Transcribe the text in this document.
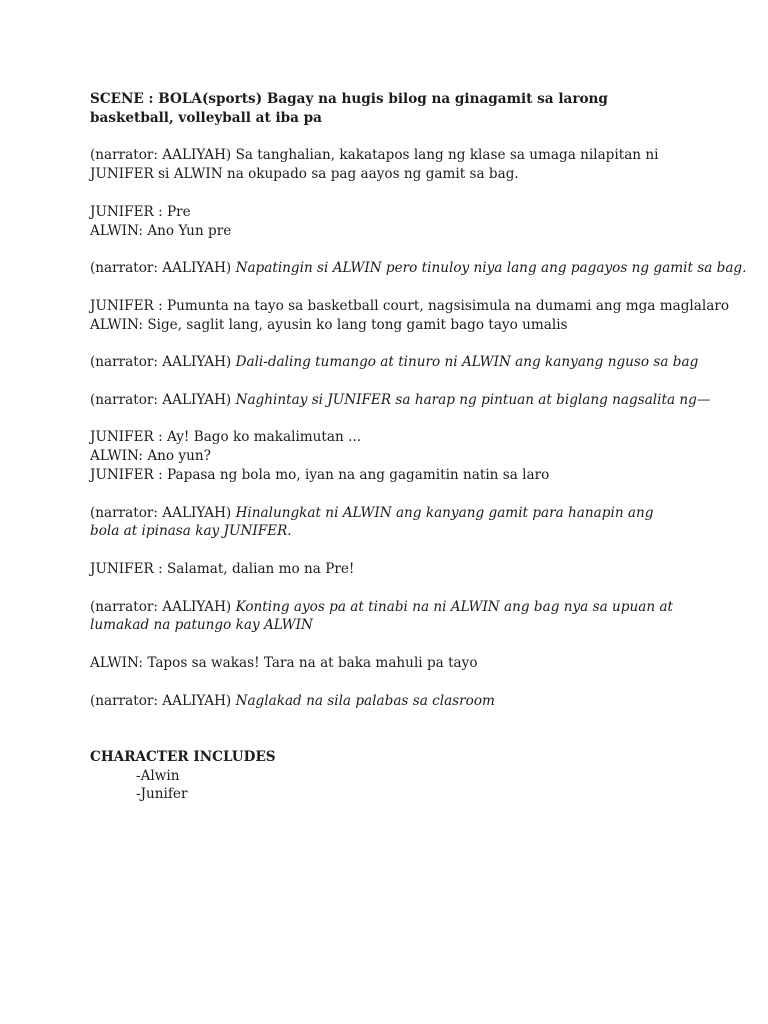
SCENE : BOLA(sports) Bagay na hugis bilog na ginagamit sa larong basketball, volleyball at iba pa
(narrator: AALIYAH) Sa tanghalian, kakatapos lang ng klase sa umaga nilapitan ni JUNIFER si ALWIN na okupado sa pag aayos ng gamit sa bag.
JUNIFER : Pre
ALWIN: Ano Yun pre
(narrator: AALIYAH) Napatingin si ALWIN pero tinuloy niya lang ang pagayos ng gamit sa bag.
JUNIFER : Pumunta na tayo sa basketball court, nagsisimula na dumami ang mga maglalaro
ALWIN: Sige, saglit lang, ayusin ko lang tong gamit bago tayo umalis
(narrator: AALIYAH) Dali-daling tumango at tinuro ni ALWIN ang kanyang nguso sa bag
(narrator: AALIYAH) Naghintay si JUNIFER sa harap ng pintuan at biglang nagsalita ng—
JUNIFER : Ay! Bago ko makalimutan ...
ALWIN: Ano yun?
JUNIFER : Papasa ng bola mo, iyan na ang gagamitin natin sa laro
(narrator: AALIYAH) Hinalungkat ni ALWIN ang kanyang gamit para hanapin ang bola at ipinasa kay JUNIFER.
JUNIFER : Salamat, dalian mo na Pre!
(narrator: AALIYAH) Konting ayos pa at tinabi na ni ALWIN ang bag nya sa upuan at lumakad na patungo kay ALWIN
ALWIN: Tapos sa wakas! Tara na at baka mahuli pa tayo
(narrator: AALIYAH) Naglakad na sila palabas sa clasroom
CHARACTER INCLUDES
-Alwin
-Junifer
